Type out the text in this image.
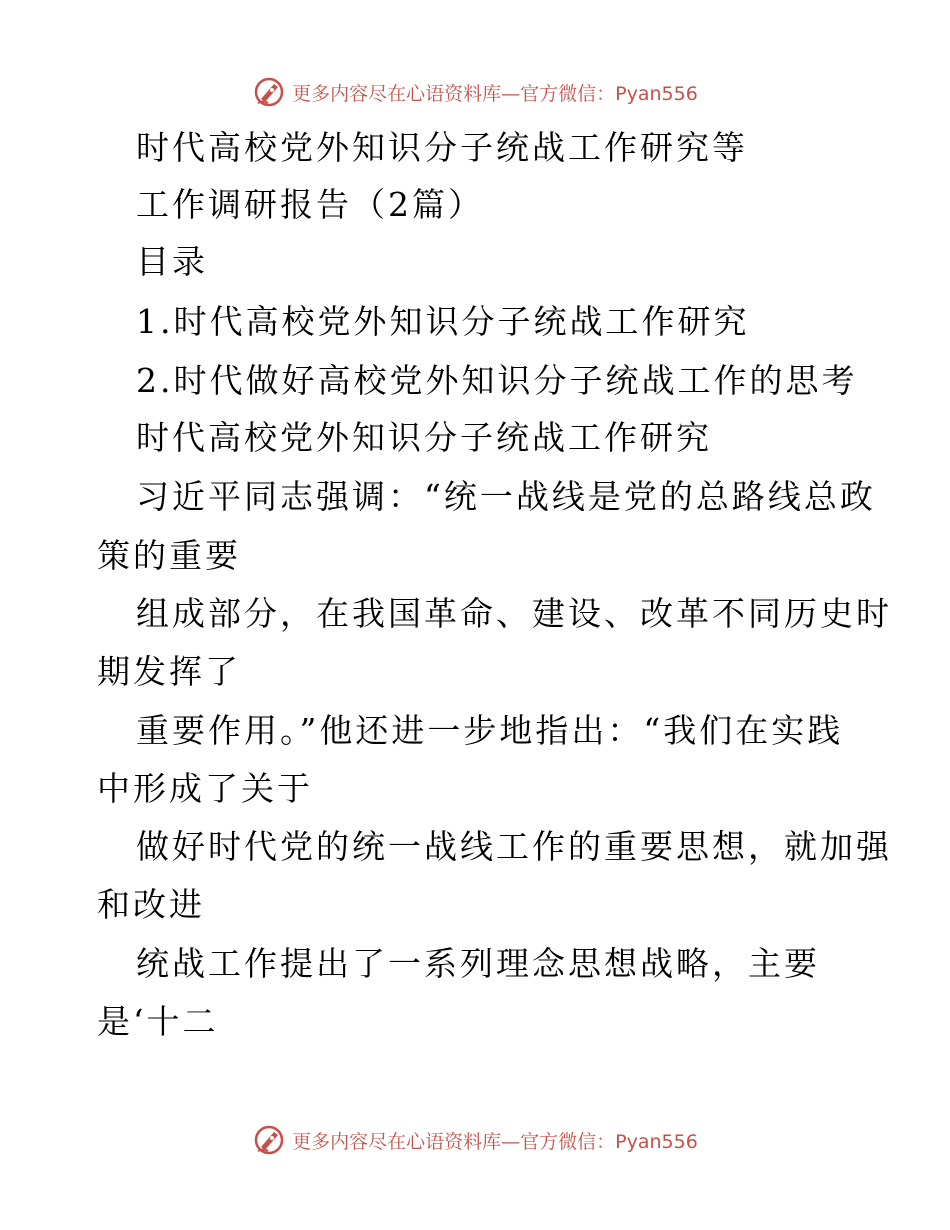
更多内容尽在心语资料库—官方微信：Pyan556
时代高校党外知识分子统战工作研究等
工作调研报告（2篇）
目录
1.时代高校党外知识分子统战工作研究
2.时代做好高校党外知识分子统战工作的思考
时代高校党外知识分子统战工作研究
习近平同志强调：“统一战线是党的总路线总政
策的重要
组成部分，在我国革命、建设、改革不同历史时
期发挥了
重要作用。”他还进一步地指出：“我们在实践
中形成了关于
做好时代党的统一战线工作的重要思想，就加强
和改进
统战工作提出了一系列理念思想战略，主要
是‘十二
更多内容尽在心语资料库—官方微信：Pyan556
